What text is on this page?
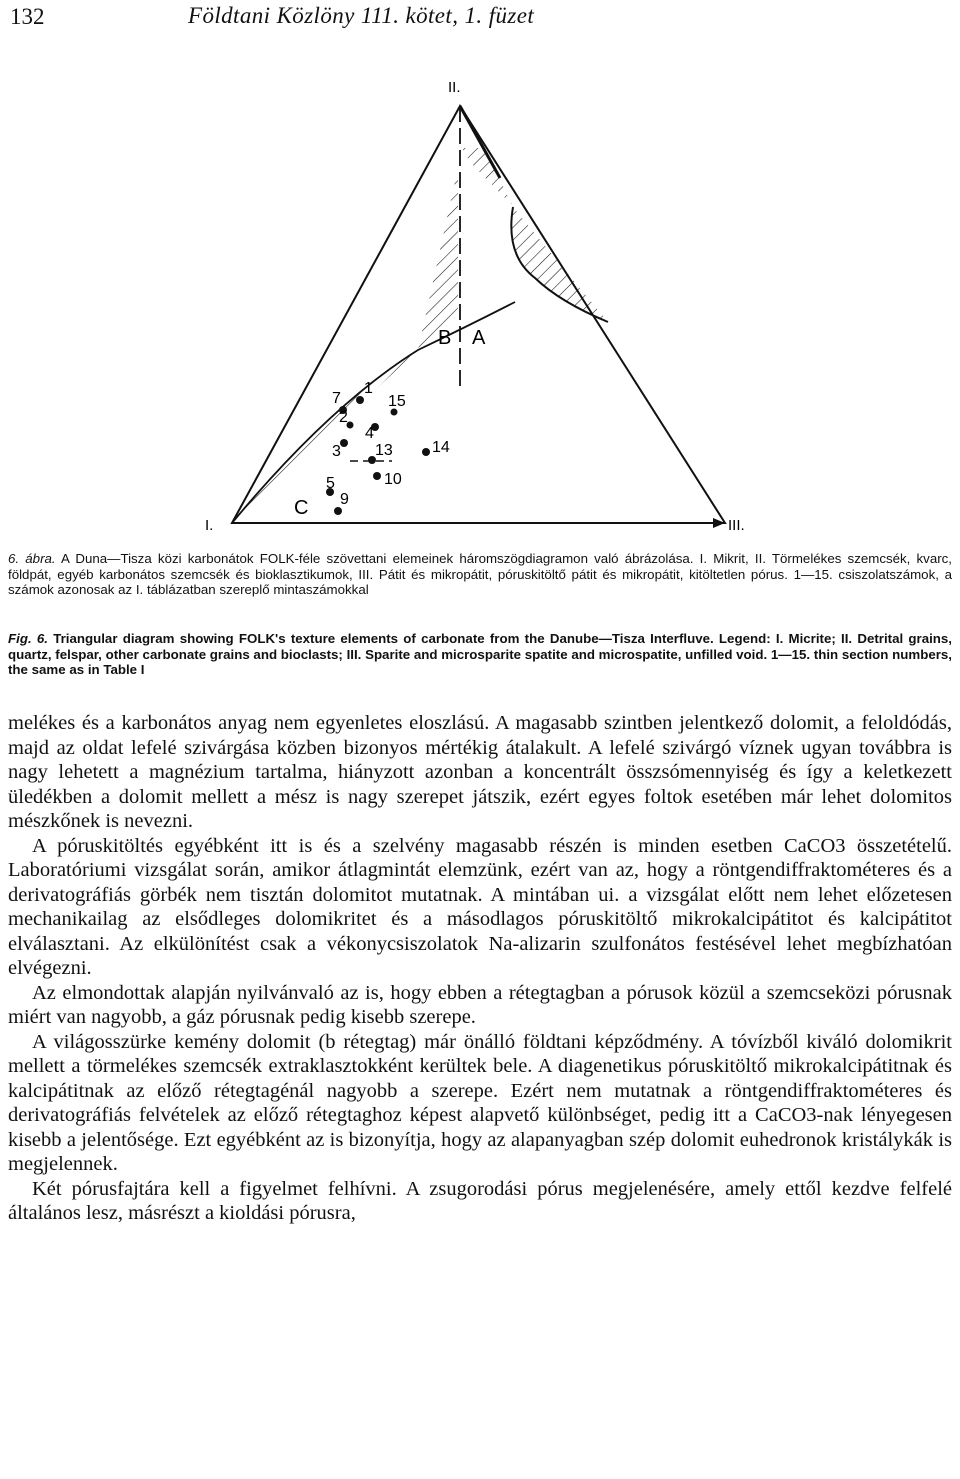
132	Földtani Közlöny 111. kötet, 1. füzet
II.
I.	III.
B A
C
1
7
2
3
4
15
13
10
14
5
9
6. ábra. A Duna—Tisza közi karbonátok FOLK-féle szövettani elemeinek háromszögdiagramon való ábrázolása. I. Mikrit, II. Törmelékes szemcsék, kvarc, földpát, egyéb karbonátos szemcsék és bioklasztikumok, III. Pátit és mikropátit, póruskitöltő pátit és mikropátit, kitöltetlen pórus. 1—15. csiszolatszámok, a számok azonosak az I. táblázatban szereplő mintaszámokkal
Fig. 6. Triangular diagram showing FOLK's texture elements of carbonate from the Danube—Tisza Interfluve. Legend: I. Micrite; II. Detrital grains, quartz, felspar, other carbonate grains and bioclasts; III. Sparite and microsparite spatite and microspatite, unfilled void. 1—15. thin section numbers, the same as in Table I

melékes és a karbonátos anyag nem egyenletes eloszlású. A magasabb szintben jelentkező dolomit, a feloldódás, majd az oldat lefelé szivárgása közben bizonyos mértékig átalakult. A lefelé szivárgó víznek ugyan továbbra is nagy lehetett a magnézium tartalma, hiányzott azonban a koncentrált összsómennyiség és így a keletkezett üledékben a dolomit mellett a mész is nagy szerepet játszik, ezért egyes foltok esetében már lehet dolomitos mészkőnek is nevezni.

A póruskitöltés egyébként itt is és a szelvény magasabb részén is minden esetben CaCO3 összetételű. Laboratóriumi vizsgálat során, amikor átlagmintát elemzünk, ezért van az, hogy a röntgendiffraktométeres és a derivatográfiás görbék nem tisztán dolomitot mutatnak. A mintában ui. a vizsgálat előtt nem lehet előzetesen mechanikailag az elsődleges dolomikritet és a másodlagos póruskitöltő mikrokalcipátitot és kalcipátitot elválasztani. Az elkülönítést csak a vékonycsiszolatok Na-alizarin szulfonátos festésével lehet megbízhatóan elvégezni.

Az elmondottak alapján nyilvánvaló az is, hogy ebben a rétegtagban a pórusok közül a szemcseközi pórusnak miért van nagyobb, a gáz pórusnak pedig kisebb szerepe.

A világosszürke kemény dolomit (b rétegtag) már önálló földtani képződmény. A tóvízből kiváló dolomikrit mellett a törmelékes szemcsék extraklasztokként kerültek bele. A diagenetikus póruskitöltő mikrokalcipátitnak és kalcipátitnak az előző rétegtagénál nagyobb a szerepe. Ezért nem mutatnak a röntgendiffraktométeres és derivatográfiás felvételek az előző rétegtaghoz képest alapvető különbséget, pedig itt a CaCO3-nak lényegesen kisebb a jelentősége. Ezt egyébként az is bizonyítja, hogy az alapanyagban szép dolomit euhedronok kristálykák is megjelennek.

Két pórusfajtára kell a figyelmet felhívni. A zsugorodási pórus megjelenésére, amely ettől kezdve felfelé általános lesz, másrészt a kioldási pórusra,
